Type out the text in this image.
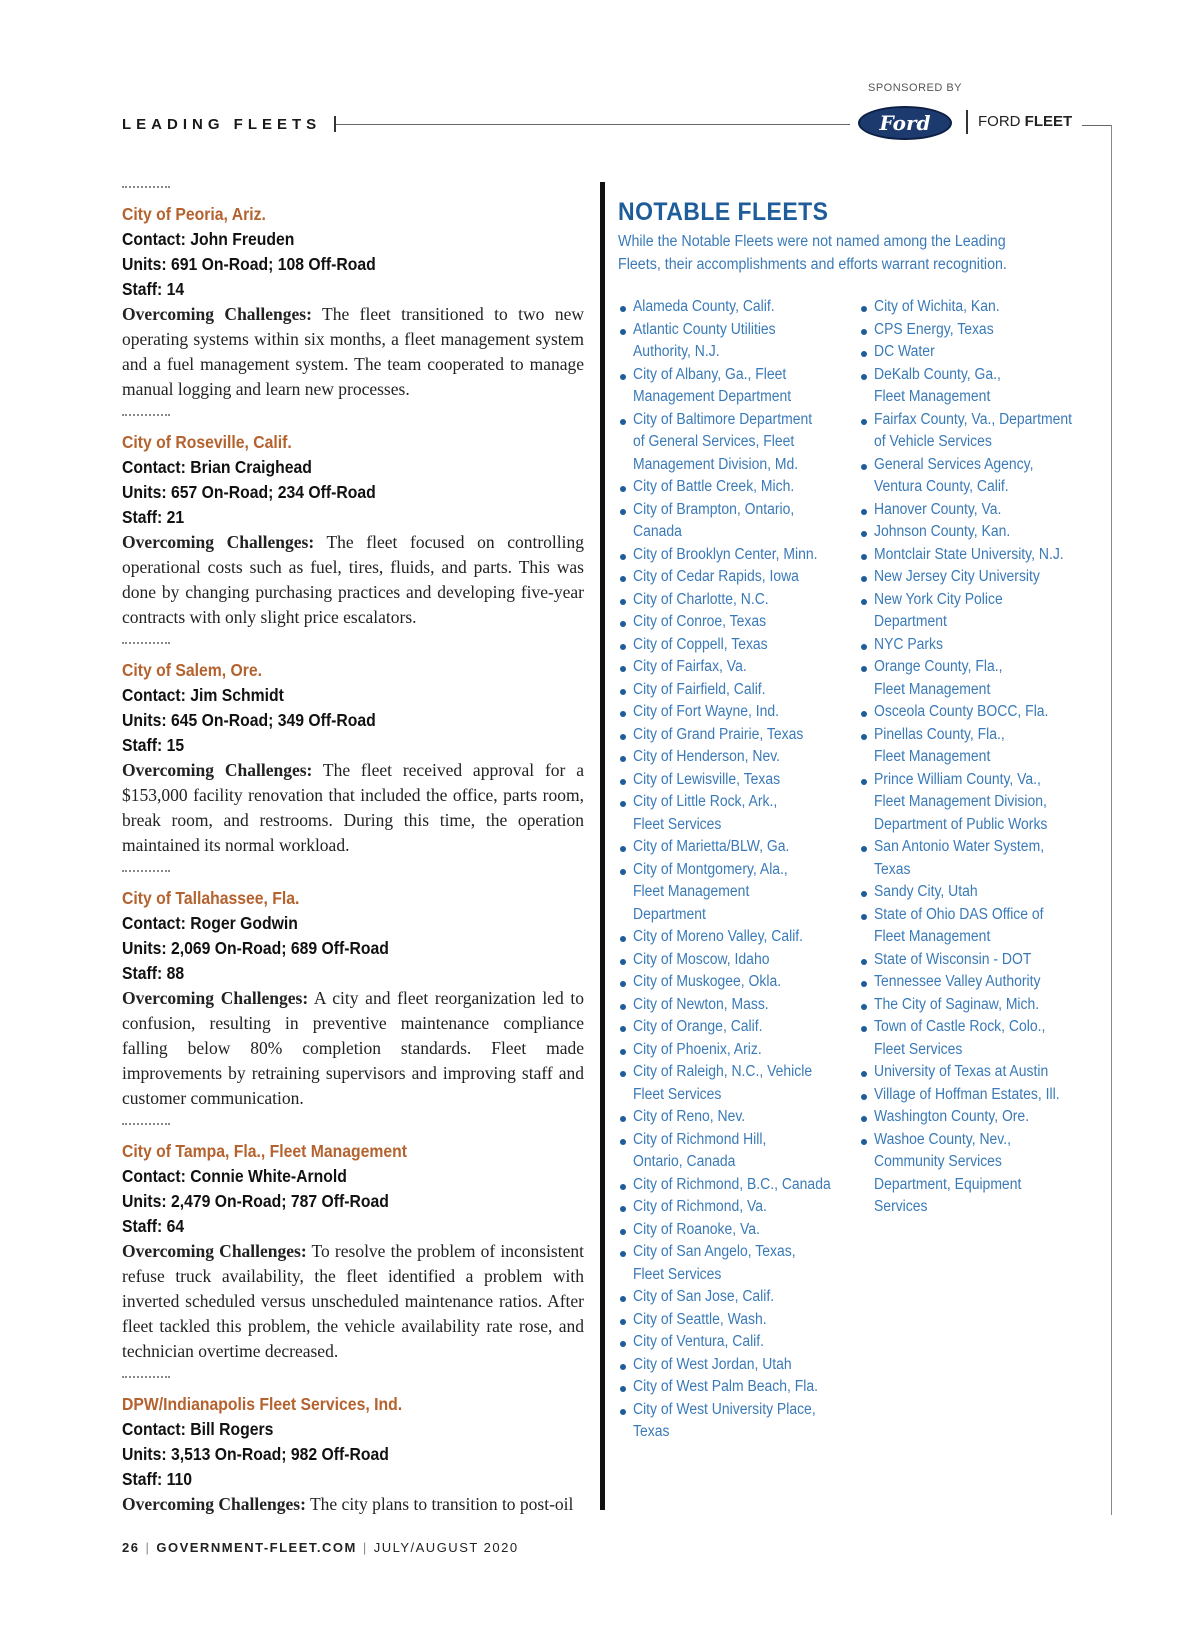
LEADING FLEETS
SPONSORED BY
Ford	FORD FLEET
City of Peoria, Ariz.
Contact: John Freuden
Units: 691 On-Road; 108 Off-Road
Staff: 14
Overcoming Challenges: The fleet transitioned to two new operating systems within six months, a fleet management system and a fuel management system. The team cooperated to manage manual logging and learn new processes.
City of Roseville, Calif.
Contact: Brian Craighead
Units: 657 On-Road; 234 Off-Road
Staff: 21
Overcoming Challenges: The fleet focused on controlling operational costs such as fuel, tires, fluids, and parts. This was done by changing purchasing practices and developing five-year contracts with only slight price escalators.
City of Salem, Ore.
Contact: Jim Schmidt
Units: 645 On-Road; 349 Off-Road
Staff: 15
Overcoming Challenges: The fleet received approval for a $153,000 facility renovation that included the office, parts room, break room, and restrooms. During this time, the operation maintained its normal workload.
City of Tallahassee, Fla.
Contact: Roger Godwin
Units: 2,069 On-Road; 689 Off-Road
Staff: 88
Overcoming Challenges: A city and fleet reorganization led to confusion, resulting in preventive maintenance compliance falling below 80% completion standards. Fleet made improvements by retraining supervisors and improving staff and customer communication.
City of Tampa, Fla., Fleet Management
Contact: Connie White-Arnold
Units: 2,479 On-Road; 787 Off-Road
Staff: 64
Overcoming Challenges: To resolve the problem of inconsistent refuse truck availability, the fleet identified a problem with inverted scheduled versus unscheduled maintenance ratios. After fleet tackled this problem, the vehicle availability rate rose, and technician overtime decreased.
DPW/Indianapolis Fleet Services, Ind.
Contact: Bill Rogers
Units: 3,513 On-Road; 982 Off-Road
Staff: 110
Overcoming Challenges: The city plans to transition to post-oil
NOTABLE FLEETS
While the Notable Fleets were not named among the Leading Fleets, their accomplishments and efforts warrant recognition.
Alameda County, Calif.
Atlantic County Utilities
Authority, N.J.
City of Albany, Ga., Fleet
Management Department
City of Baltimore Department
of General Services, Fleet
Management Division, Md.
City of Battle Creek, Mich.
City of Brampton, Ontario,
Canada
City of Brooklyn Center, Minn.
City of Cedar Rapids, Iowa
City of Charlotte, N.C.
City of Conroe, Texas
City of Coppell, Texas
City of Fairfax, Va.
City of Fairfield, Calif.
City of Fort Wayne, Ind.
City of Grand Prairie, Texas
City of Henderson, Nev.
City of Lewisville, Texas
City of Little Rock, Ark.,
Fleet Services
City of Marietta/BLW, Ga.
City of Montgomery, Ala.,
Fleet Management
Department
City of Moreno Valley, Calif.
City of Moscow, Idaho
City of Muskogee, Okla.
City of Newton, Mass.
City of Orange, Calif.
City of Phoenix, Ariz.
City of Raleigh, N.C., Vehicle
Fleet Services
City of Reno, Nev.
City of Richmond Hill,
Ontario, Canada
City of Richmond, B.C., Canada
City of Richmond, Va.
City of Roanoke, Va.
City of San Angelo, Texas,
Fleet Services
City of San Jose, Calif.
City of Seattle, Wash.
City of Ventura, Calif.
City of West Jordan, Utah
City of West Palm Beach, Fla.
City of West University Place,
Texas
City of Wichita, Kan.
CPS Energy, Texas
DC Water
DeKalb County, Ga.,
Fleet Management
Fairfax County, Va., Department
of Vehicle Services
General Services Agency,
Ventura County, Calif.
Hanover County, Va.
Johnson County, Kan.
Montclair State University, N.J.
New Jersey City University
New York City Police
Department
NYC Parks
Orange County, Fla.,
Fleet Management
Osceola County BOCC, Fla.
Pinellas County, Fla.,
Fleet Management
Prince William County, Va.,
Fleet Management Division,
Department of Public Works
San Antonio Water System,
Texas
Sandy City, Utah
State of Ohio DAS Office of
Fleet Management
State of Wisconsin - DOT
Tennessee Valley Authority
The City of Saginaw, Mich.
Town of Castle Rock, Colo.,
Fleet Services
University of Texas at Austin
Village of Hoffman Estates, Ill.
Washington County, Ore.
Washoe County, Nev.,
Community Services
Department, Equipment
Services
26 | GOVERNMENT-FLEET.COM | JULY/AUGUST 2020
